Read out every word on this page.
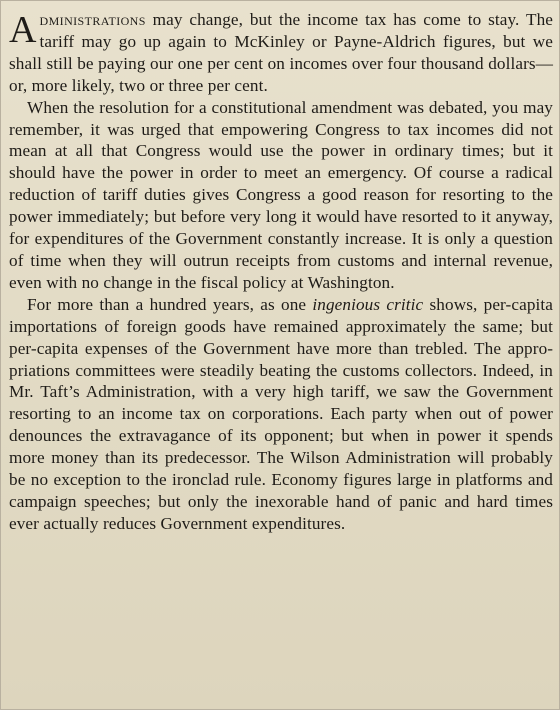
Administrations may change, but the income tax has come to stay. The tariff may go up again to McKinley or Payne-Aldrich figures, but we shall still be paying our one per cent on incomes over four thousand dollars—or, more likely, two or three per cent.

When the resolution for a constitutional amendment was debated, you may remember, it was urged that empowering Congress to tax incomes did not mean at all that Congress would use the power in ordinary times; but it should have the power in order to meet an emergency. Of course a radical reduction of tariff duties gives Congress a good reason for resorting to the power immediately; but before very long it would have resorted to it anyway, for expenditures of the Government constantly increase. It is only a question of time when they will outrun receipts from customs and internal revenue, even with no change in the fiscal policy at Washington.

For more than a hundred years, as one ingenious critic shows, per-capita importations of foreign goods have remained approximately the same; but per-capita expenses of the Government have more than trebled. The appropriations committees were steadily beating the customs collectors. Indeed, in Mr. Taft’s Administration, with a very high tariff, we saw the Government resorting to an income tax on corporations. Each party when out of power denounces the extravagance of its opponent; but when in power it spends more money than its predecessor. The Wilson Administration will probably be no exception to the ironclad rule. Economy figures large in platforms and campaign speeches; but only the inexorable hand of panic and hard times ever actually reduces Government expenditures.
